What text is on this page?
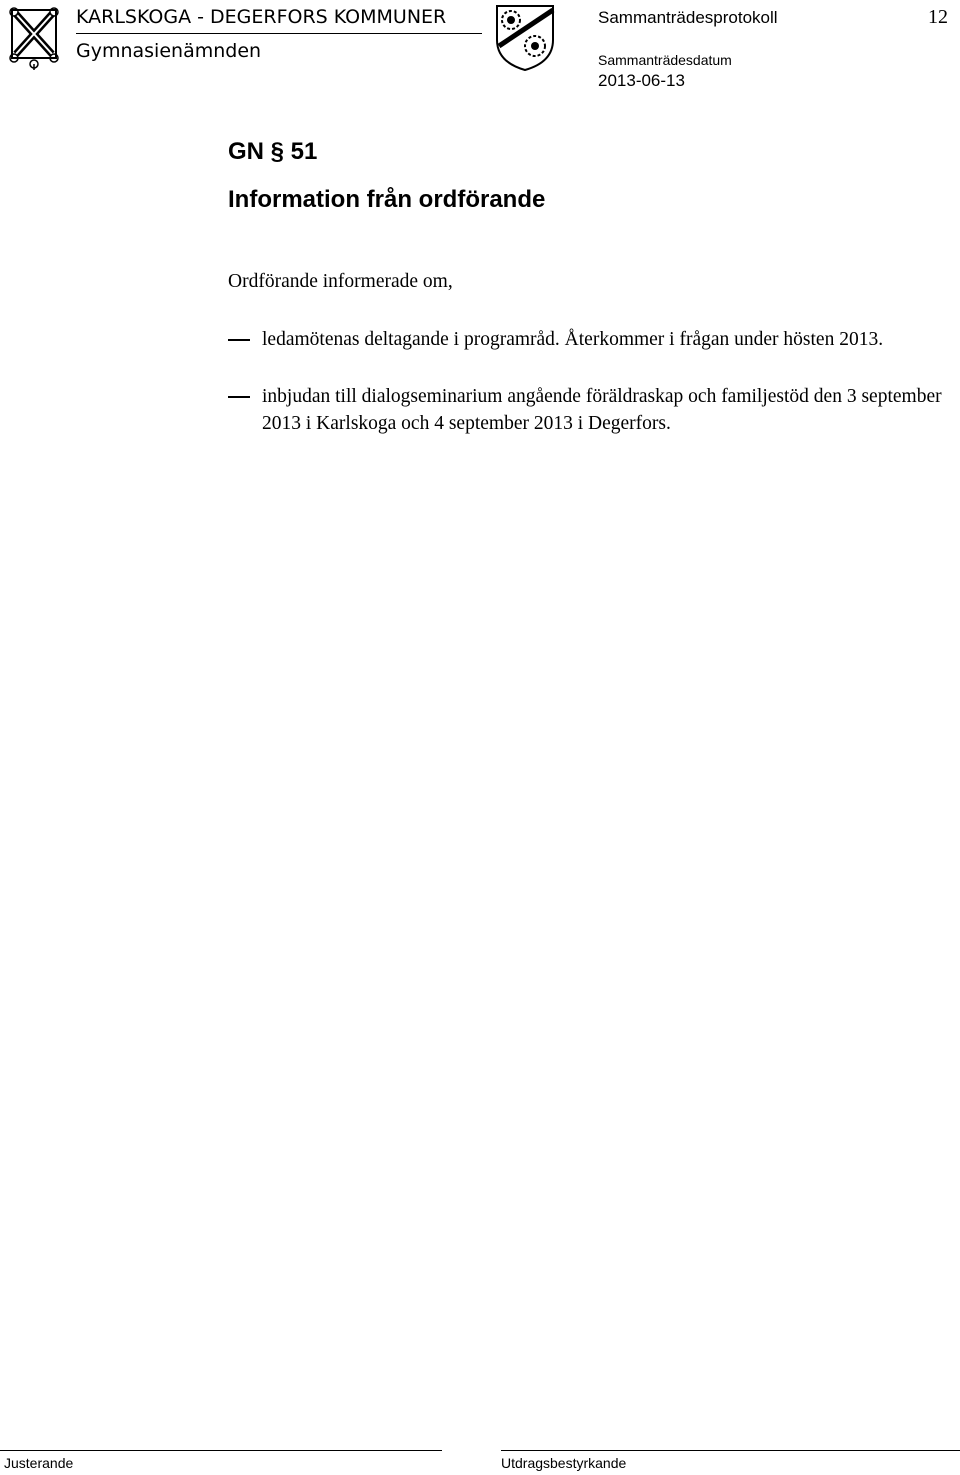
KARLSKOGA - DEGERFORS KOMMUNER
Gymnasienämnden
Sammanträdesprotokoll	12
Sammanträdesdatum
2013-06-13
GN § 51
Information från ordförande
Ordförande informerade om,
ledamötenas deltagande i programråd. Återkommer i frågan under hösten 2013.
inbjudan till dialogseminarium angående föräldraskap och familjestöd den 3 september 2013 i Karlskoga och 4 september 2013 i Degerfors.
Justerande	Utdragsbestyrkande
